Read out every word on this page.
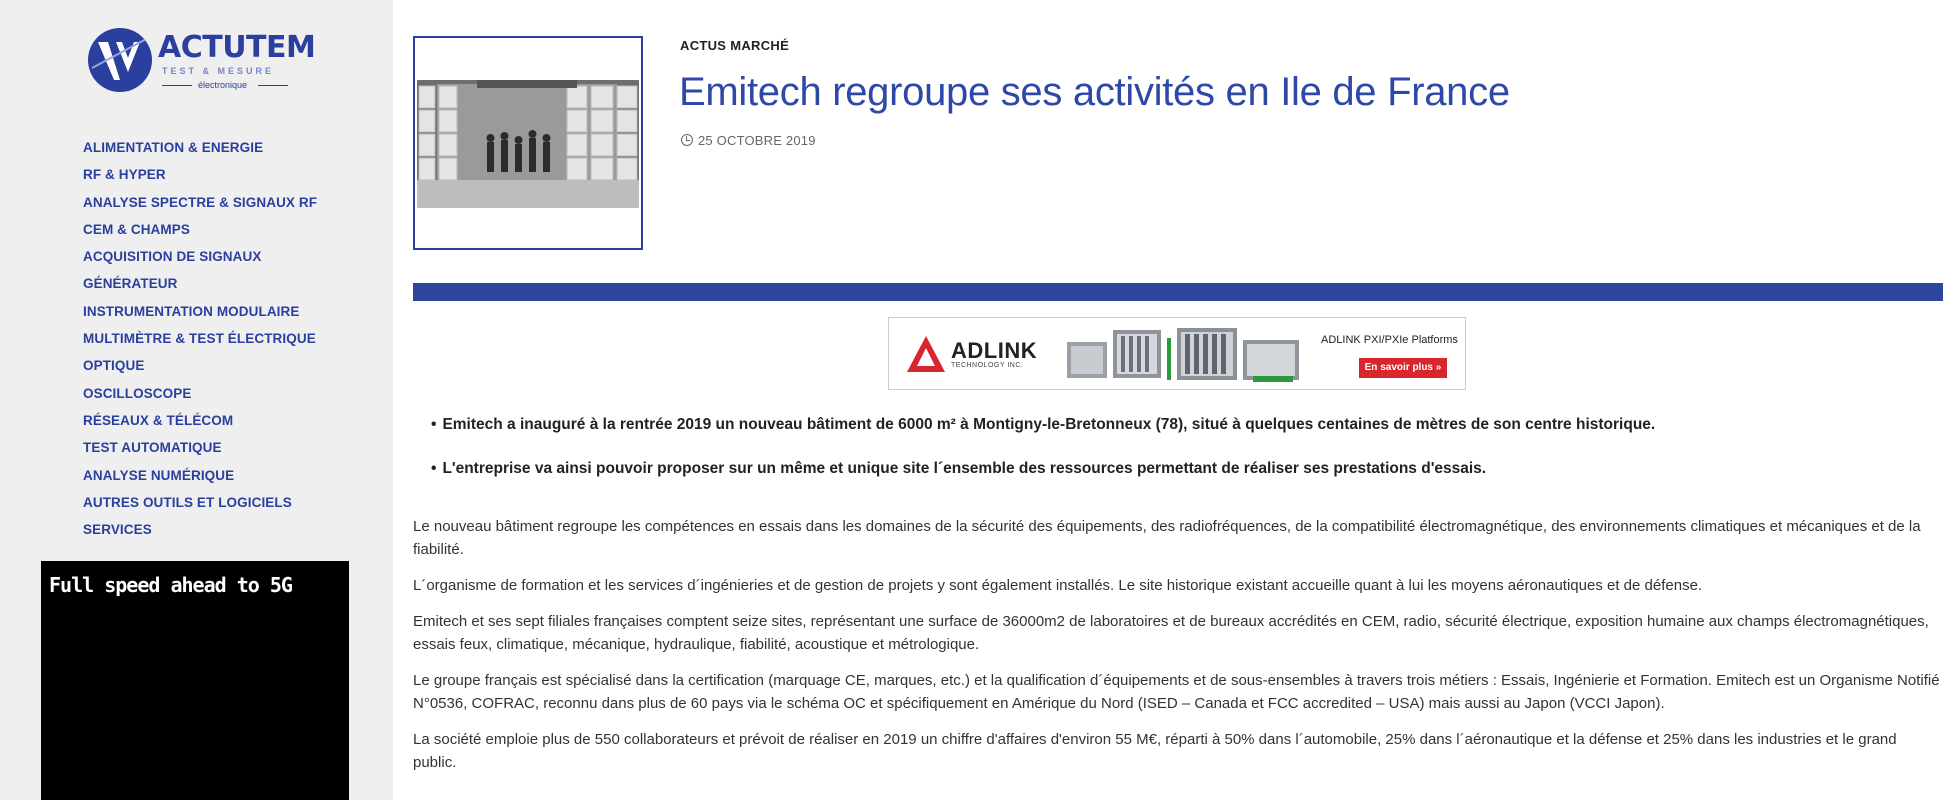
ACTUTEM
TEST & MESURE
électronique
ALIMENTATION & ENERGIE
RF & HYPER
ANALYSE SPECTRE & SIGNAUX RF
CEM & CHAMPS
ACQUISITION DE SIGNAUX
GÉNÉRATEUR
INSTRUMENTATION MODULAIRE
MULTIMÈTRE & TEST ÉLECTRIQUE
OPTIQUE
OSCILLOSCOPE
RÉSEAUX & TÉLÉCOM
TEST AUTOMATIQUE
ANALYSE NUMÉRIQUE
AUTRES OUTILS ET LOGICIELS
SERVICES
Full speed ahead to 5G
ACTUS MARCHÉ
Emitech regroupe ses activités en Ile de France
25 OCTOBRE 2019
ADLINK
TECHNOLOGY INC.
ADLINK PXI/PXIe Platforms
En savoir plus »
• Emitech a inauguré à la rentrée 2019 un nouveau bâtiment de 6000 m² à Montigny-le-Bretonneux (78), situé à quelques centaines de mètres de son centre historique.
• L'entreprise va ainsi pouvoir proposer sur un même et unique site l´ensemble des ressources permettant de réaliser ses prestations d'essais.

Le nouveau bâtiment regroupe les compétences en essais dans les domaines de la sécurité des équipements, des radiofréquences, de la compatibilité électromagnétique, des environnements climatiques et mécaniques et de la fiabilité.

L´organisme de formation et les services d´ingénieries et de gestion de projets y sont également installés. Le site historique existant accueille quant à lui les moyens aéronautiques et de défense.

Emitech et ses sept filiales françaises comptent seize sites, représentant une surface de 36000m2 de laboratoires et de bureaux accrédités en CEM, radio, sécurité électrique, exposition humaine aux champs électromagnétiques, essais feux, climatique, mécanique, hydraulique, fiabilité, acoustique et métrologique.

Le groupe français est spécialisé dans la certification (marquage CE, marques, etc.) et la qualification d´équipements et de sous-ensembles à travers trois métiers : Essais, Ingénierie et Formation. Emitech est un Organisme Notifié N°0536, COFRAC, reconnu dans plus de 60 pays via le schéma OC et spécifiquement en Amérique du Nord (ISED – Canada et FCC accredited – USA) mais aussi au Japon (VCCI Japon).

La société emploie plus de 550 collaborateurs et prévoit de réaliser en 2019 un chiffre d'affaires d'environ 55 M€, réparti à 50% dans l´automobile, 25% dans l´aéronautique et la défense et 25% dans les industries et le grand public.
